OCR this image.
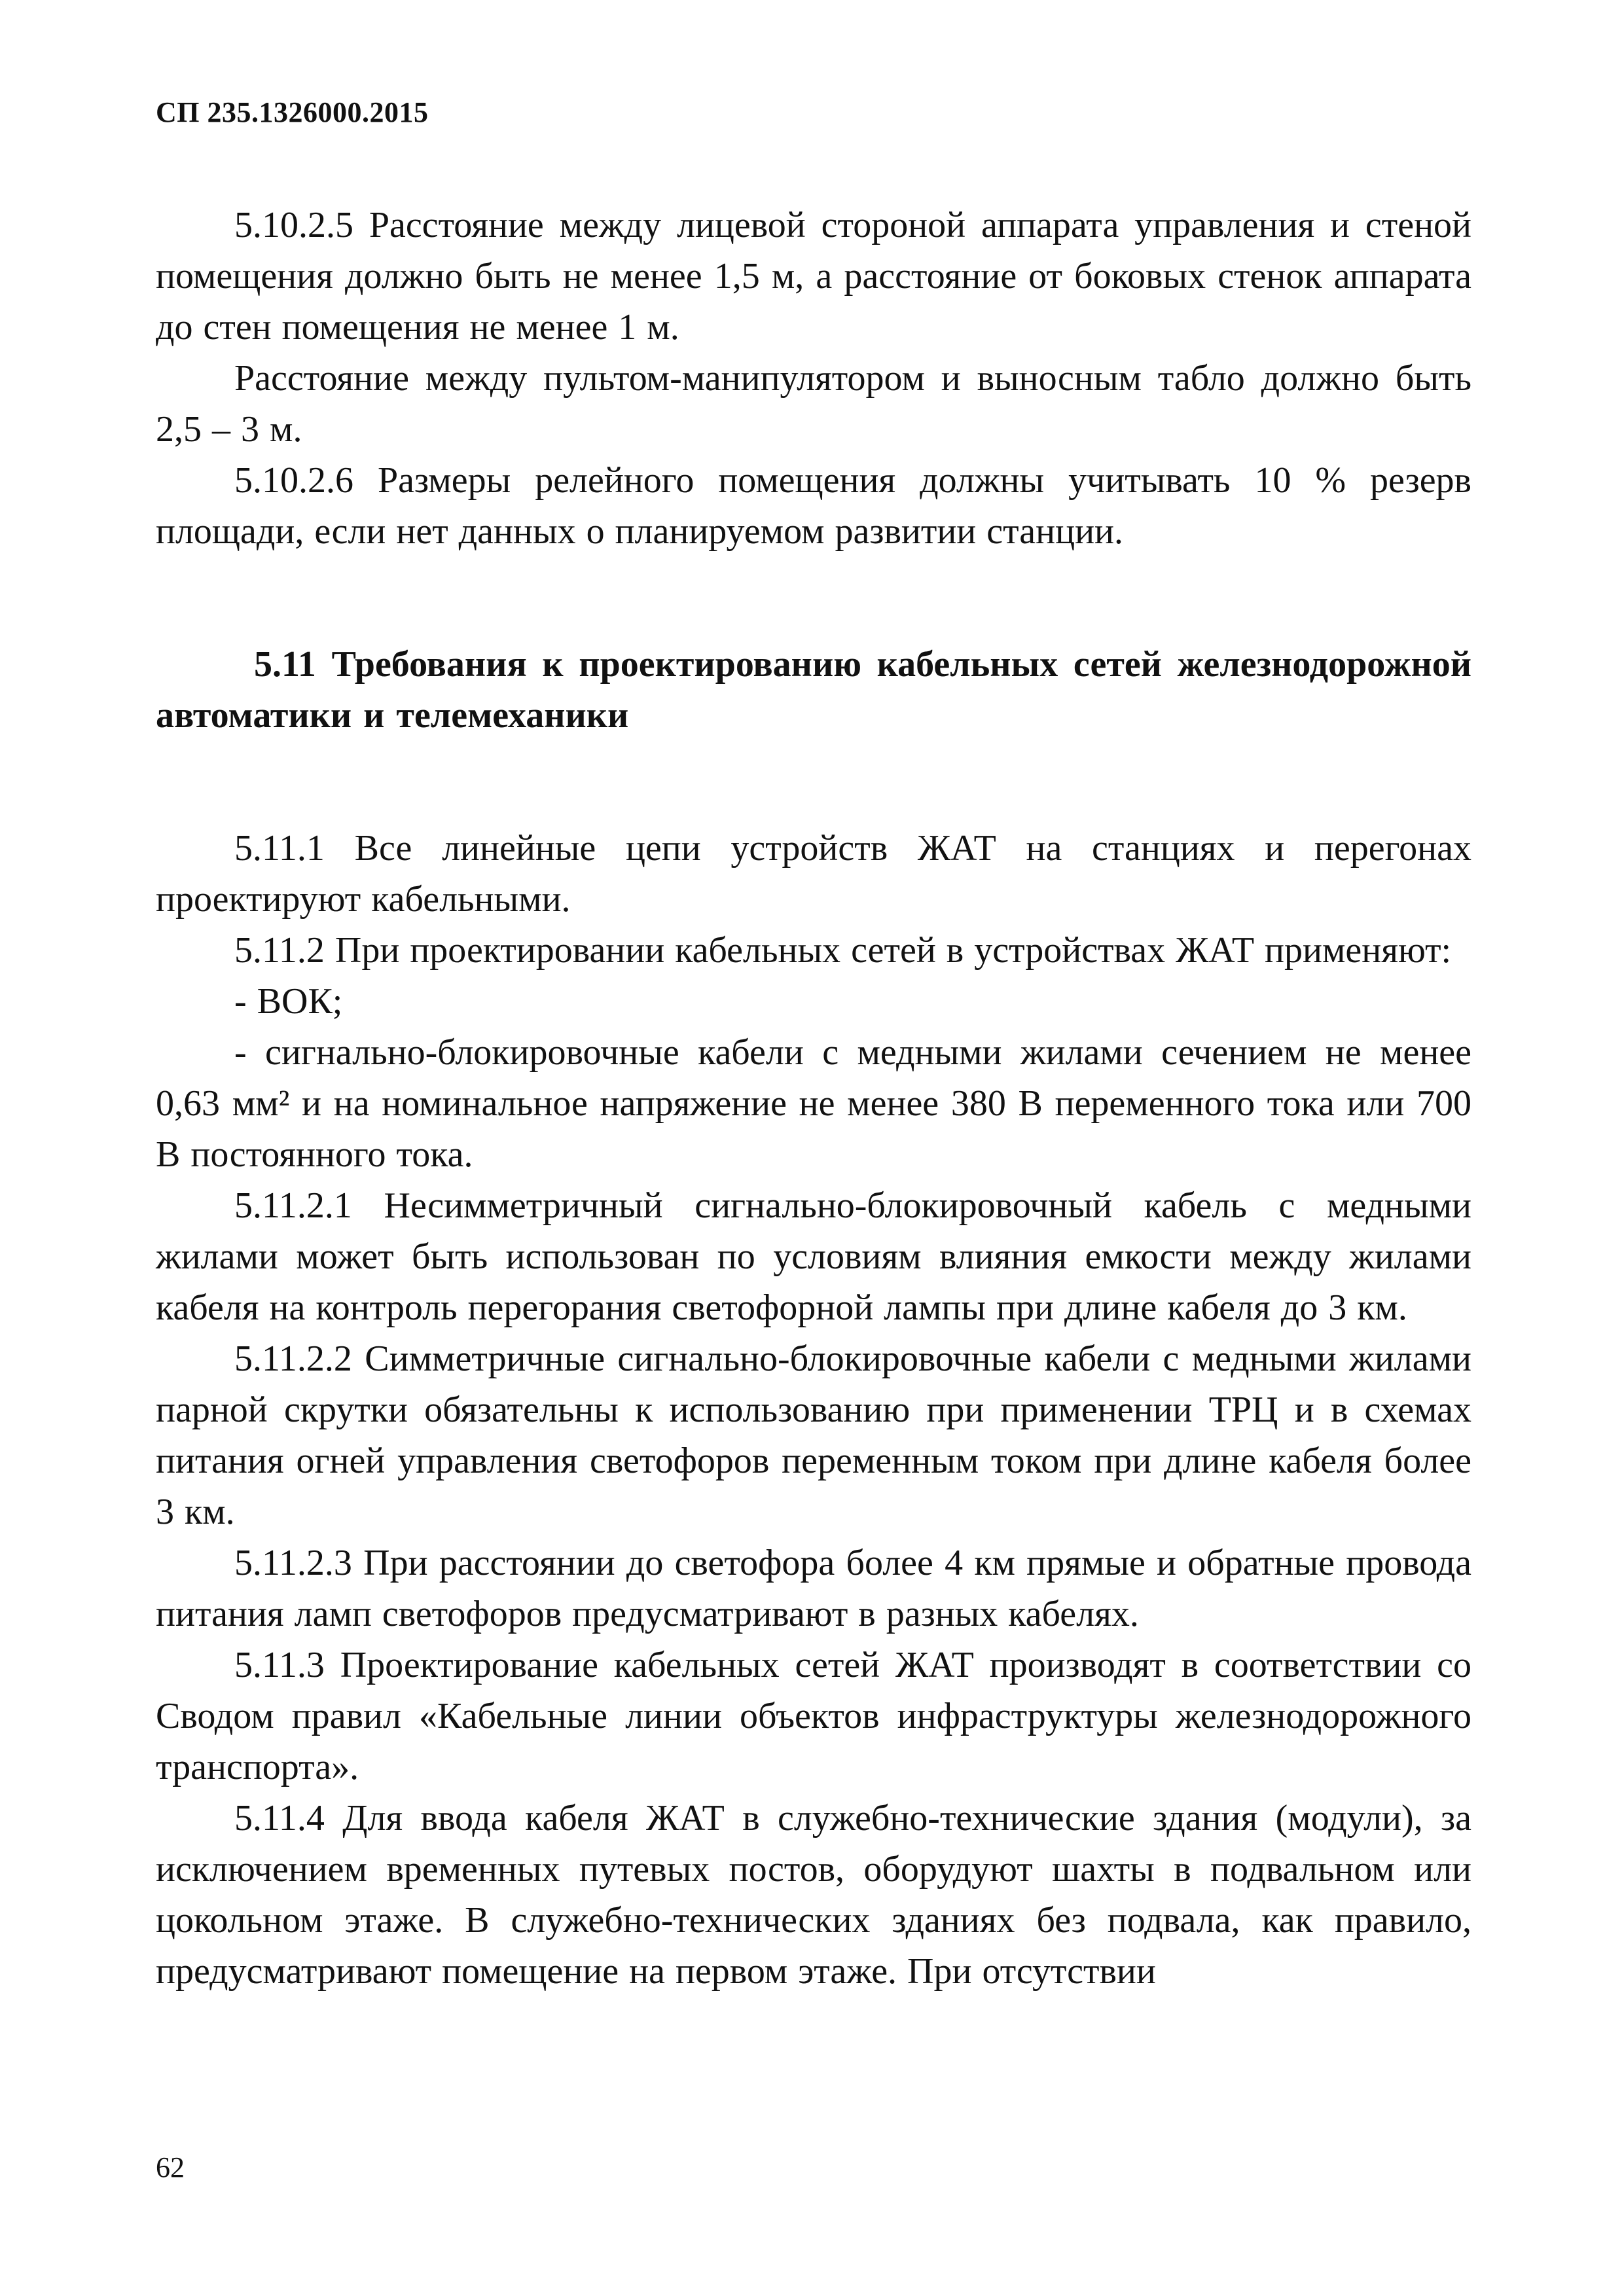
СП 235.1326000.2015

5.10.2.5 Расстояние между лицевой стороной аппарата управления и стеной помещения должно быть не менее 1,5 м, а расстояние от боковых стенок аппарата до стен помещения не менее 1 м.

Расстояние между пультом-манипулятором и выносным табло должно быть 2,5 – 3 м.

5.10.2.6 Размеры релейного помещения должны учитывать 10 % резерв площади, если нет данных о планируемом развитии станции.

5.11 Требования к проектированию кабельных сетей железнодорожной автоматики и телемеханики

5.11.1 Все линейные цепи устройств ЖАТ на станциях и перегонах проектируют кабельными.

5.11.2 При проектировании кабельных сетей в устройствах ЖАТ применяют:

- ВОК;

- сигнально-блокировочные кабели с медными жилами сечением не менее 0,63 мм² и на номинальное напряжение не менее 380 В переменного тока или 700 В постоянного тока.

5.11.2.1 Несимметричный сигнально-блокировочный кабель с медными жилами может быть использован по условиям влияния емкости между жилами кабеля на контроль перегорания светофорной лампы при длине кабеля до 3 км.

5.11.2.2 Симметричные сигнально-блокировочные кабели с медными жилами парной скрутки обязательны к использованию при применении ТРЦ и в схемах питания огней управления светофоров переменным током при длине кабеля более 3 км.

5.11.2.3 При расстоянии до светофора более 4 км прямые и обратные провода питания ламп светофоров предусматривают в разных кабелях.

5.11.3 Проектирование кабельных сетей ЖАТ производят в соответствии со Сводом правил «Кабельные линии объектов инфраструктуры железнодорожного транспорта».

5.11.4 Для ввода кабеля ЖАТ в служебно-технические здания (модули), за исключением временных путевых постов, оборудуют шахты в подвальном или цокольном этаже. В служебно-технических зданиях без подвала, как правило, предусматривают помещение на первом этаже. При отсутствии

62
